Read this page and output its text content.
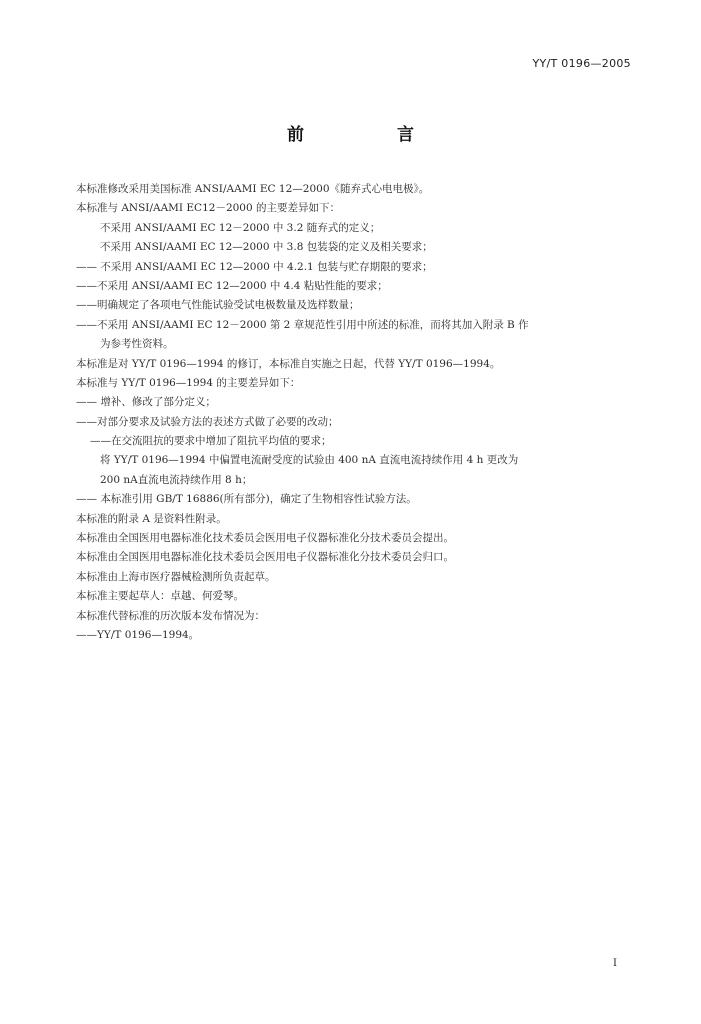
YY/T 0196—2005
前　言
本标准修改采用美国标准 ANSI/AAMI EC 12—2000《随弃式心电电极》。
本标准与 ANSI/AAMI EC12－2000 的主要差异如下：
不采用 ANSI/AAMI EC 12－2000 中 3.2 随弃式的定义；
不采用 ANSI/AAMI EC 12—2000 中 3.8 包装袋的定义及相关要求；
—— 不采用 ANSI/AAMI EC 12—2000 中 4.2.1 包装与贮存期限的要求；
——不采用 ANSI/AAMI EC 12—2000 中 4.4 粘贴性能的要求；
——明确规定了各项电气性能试验受试电极数量及选样数量；
——不采用 ANSI/AAMI EC 12－2000 第 2 章规范性引用中所述的标准，而将其加入附录 B 作
为参考性资料。
本标准是对 YY/T 0196—1994 的修订，本标准自实施之日起，代替 YY/T 0196—1994。
本标准与 YY/T 0196—1994 的主要差异如下：
—— 增补、修改了部分定义；
——对部分要求及试验方法的表述方式做了必要的改动；
——在交流阻抗的要求中增加了阻抗平均值的要求；
将 YY/T 0196—1994 中偏置电流耐受度的试验由 400 nA 直流电流持续作用 4 h 更改为
200 nA直流电流持续作用 8 h；
—— 本标准引用 GB/T 16886(所有部分)，确定了生物相容性试验方法。
本标准的附录 A 是资料性附录。
本标准由全国医用电器标准化技术委员会医用电子仪器标准化分技术委员会提出。
本标准由全国医用电器标准化技术委员会医用电子仪器标准化分技术委员会归口。
本标准由上海市医疗器械检测所负责起草。
本标准主要起草人：卓越、何爱琴。
本标准代替标准的历次版本发布情况为：
——YY/T 0196—1994。
I
